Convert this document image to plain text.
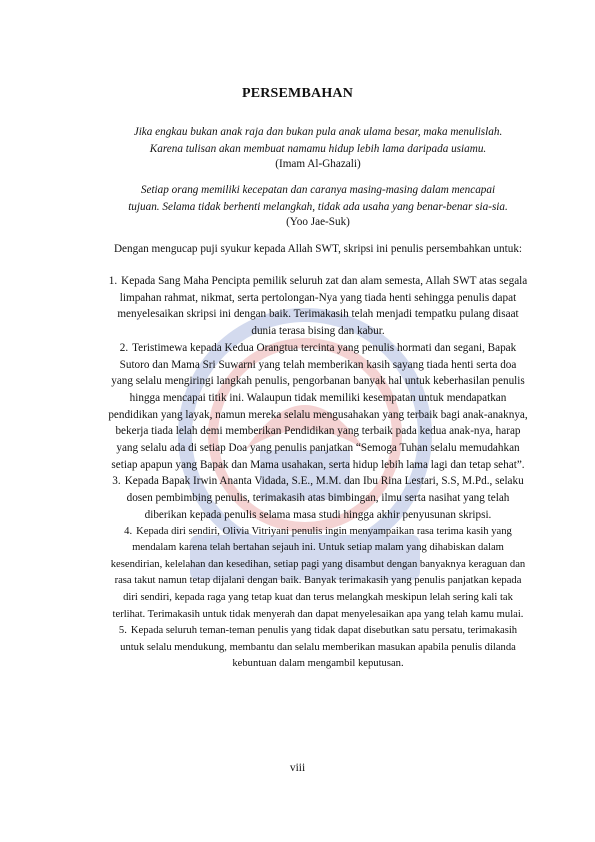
PERSEMBAHAN
Jika engkau bukan anak raja dan bukan pula anak ulama besar, maka menulislah.
Karena tulisan akan membuat namamu hidup lebih lama daripada usiamu.
(Imam Al-Ghazali)
Setiap orang memiliki kecepatan dan caranya masing-masing dalam mencapai
tujuan. Selama tidak berhenti melangkah, tidak ada usaha yang benar-benar sia-sia.
(Yoo Jae-Suk)
Dengan mengucap puji syukur kepada Allah SWT, skripsi ini penulis persembahkan untuk:
1. Kepada Sang Maha Pencipta pemilik seluruh zat dan alam semesta, Allah SWT atas segala limpahan rahmat, nikmat, serta pertolongan-Nya yang tiada henti sehingga penulis dapat menyelesaikan skripsi ini dengan baik. Terimakasih telah menjadi tempatku pulang disaat dunia terasa bising dan kabur.
2. Teristimewa kepada Kedua Orangtua tercinta yang penulis hormati dan segani, Bapak Sutoro dan Mama Sri Suwarni yang telah memberikan kasih sayang tiada henti serta doa yang selalu mengiringi langkah penulis, pengorbanan banyak hal untuk keberhasilan penulis hingga mencapai titik ini. Walaupun tidak memiliki kesempatan untuk mendapatkan pendidikan yang layak, namun mereka selalu mengusahakan yang terbaik bagi anak-anaknya, bekerja tiada lelah demi memberikan Pendidikan yang terbaik pada kedua anak-nya, harap yang selalu ada di setiap Doa yang penulis panjatkan “Semoga Tuhan selalu memudahkan setiap apapun yang Bapak dan Mama usahakan, serta hidup lebih lama lagi dan tetap sehat”.
3. Kepada Bapak Irwin Ananta Vidada, S.E., M.M. dan Ibu Rina Lestari, S.S, M.Pd., selaku dosen pembimbing penulis, terimakasih atas bimbingan, ilmu serta nasihat yang telah diberikan kepada penulis selama masa studi hingga akhir penyusunan skripsi.
4. Kepada diri sendiri, Olivia Vitriyani penulis ingin menyampaikan rasa terima kasih yang mendalam karena telah bertahan sejauh ini. Untuk setiap malam yang dihabiskan dalam kesendirian, kelelahan dan kesedihan, setiap pagi yang disambut dengan banyaknya keraguan dan rasa takut namun tetap dijalani dengan baik. Banyak terimakasih yang penulis panjatkan kepada diri sendiri, kepada raga yang tetap kuat dan terus melangkah meskipun lelah sering kali tak terlihat. Terimakasih untuk tidak menyerah dan dapat menyelesaikan apa yang telah kamu mulai.
5. Kepada seluruh teman-teman penulis yang tidak dapat disebutkan satu persatu, terimakasih untuk selalu mendukung, membantu dan selalu memberikan masukan apabila penulis dilanda kebuntuan dalam mengambil keputusan.
viii
